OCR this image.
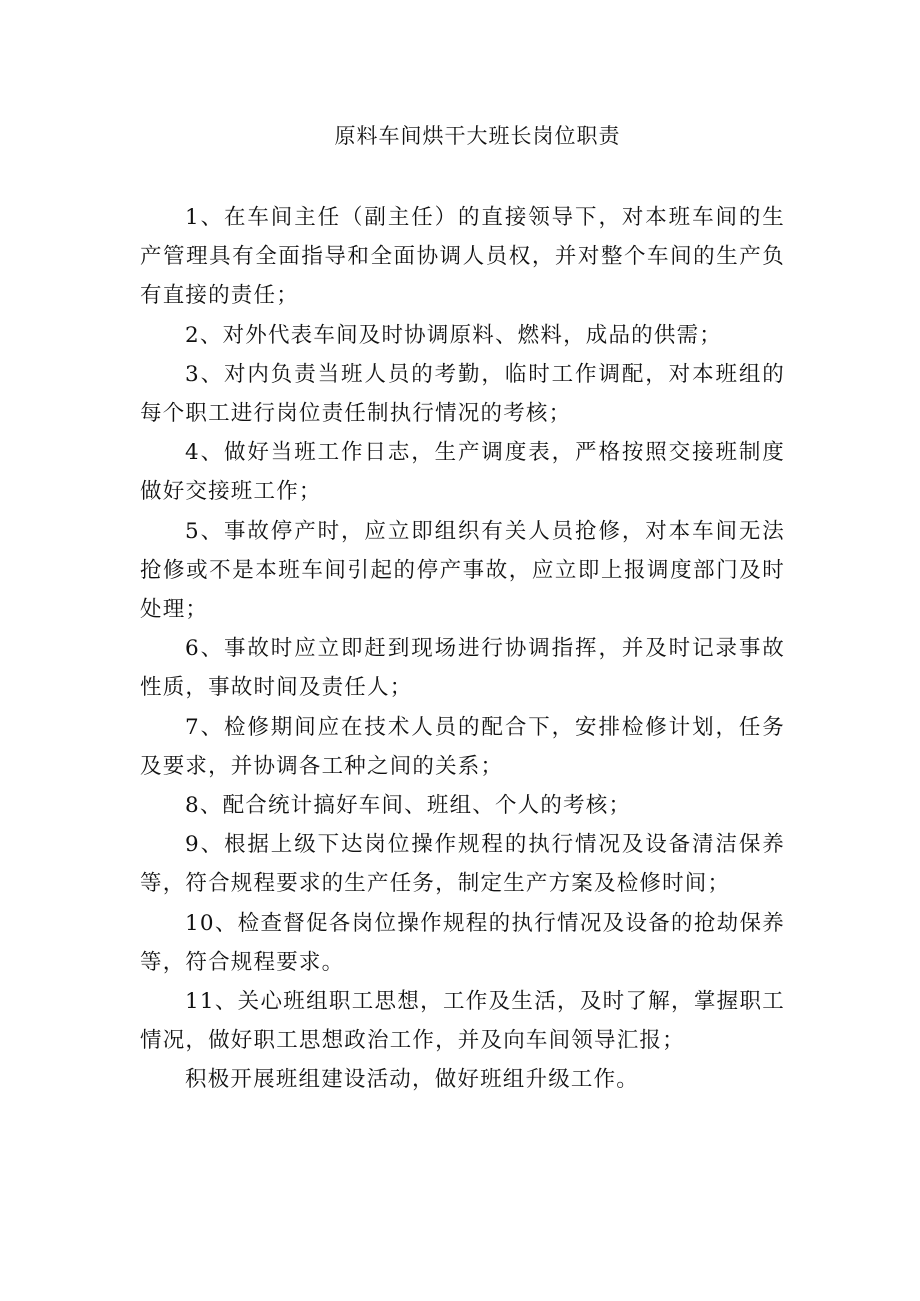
原料车间烘干大班长岗位职责

1、在车间主任（副主任）的直接领导下，对本班车间的生产管理具有全面指导和全面协调人员权，并对整个车间的生产负有直接的责任；

2、对外代表车间及时协调原料、燃料，成品的供需；

3、对内负责当班人员的考勤，临时工作调配，对本班组的每个职工进行岗位责任制执行情况的考核；

4、做好当班工作日志，生产调度表，严格按照交接班制度做好交接班工作；

5、事故停产时，应立即组织有关人员抢修，对本车间无法抢修或不是本班车间引起的停产事故，应立即上报调度部门及时处理；

6、事故时应立即赶到现场进行协调指挥，并及时记录事故性质，事故时间及责任人；

7、检修期间应在技术人员的配合下，安排检修计划，任务及要求，并协调各工种之间的关系；

8、配合统计搞好车间、班组、个人的考核；

9、根据上级下达岗位操作规程的执行情况及设备清洁保养等，符合规程要求的生产任务，制定生产方案及检修时间；

10、检查督促各岗位操作规程的执行情况及设备的抢劫保养等，符合规程要求。

11、关心班组职工思想，工作及生活，及时了解，掌握职工情况，做好职工思想政治工作，并及向车间领导汇报；

积极开展班组建设活动，做好班组升级工作。
